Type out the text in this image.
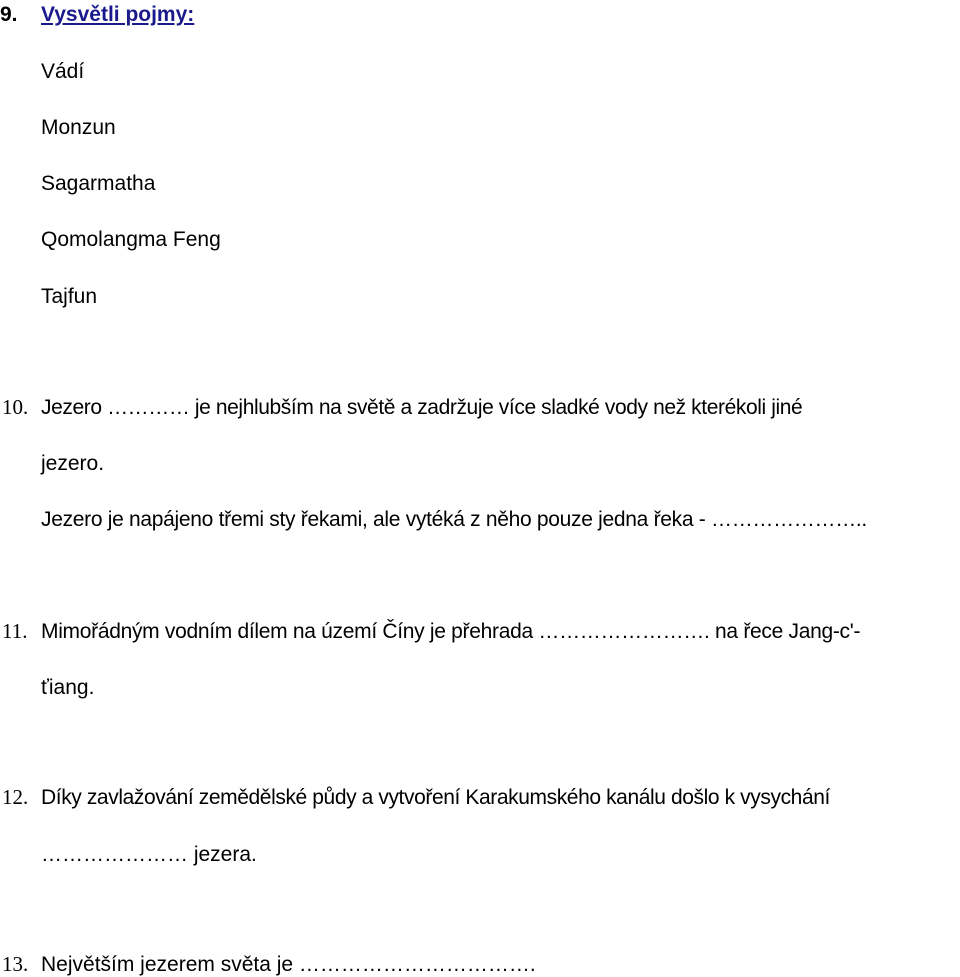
9. Vysvětli pojmy:
Vádí
Monzun
Sagarmatha
Qomolangma Feng
Tajfun
10. Jezero ………… je nejhlubším na světě a zadržuje více sladké vody než kterékoli jiné
jezero.
Jezero je napájeno třemi sty řekami, ale vytéká z něho pouze jedna řeka - …………………..
11. Mimořádným vodním dílem na území Číny je přehrada ……………………. na řece Jang-c'-
ťiang.
12. Díky zavlažování zemědělské půdy a vytvoření Karakumského kanálu došlo k vysychání
………………… jezera.
13. Největším jezerem světa je …………………………….
